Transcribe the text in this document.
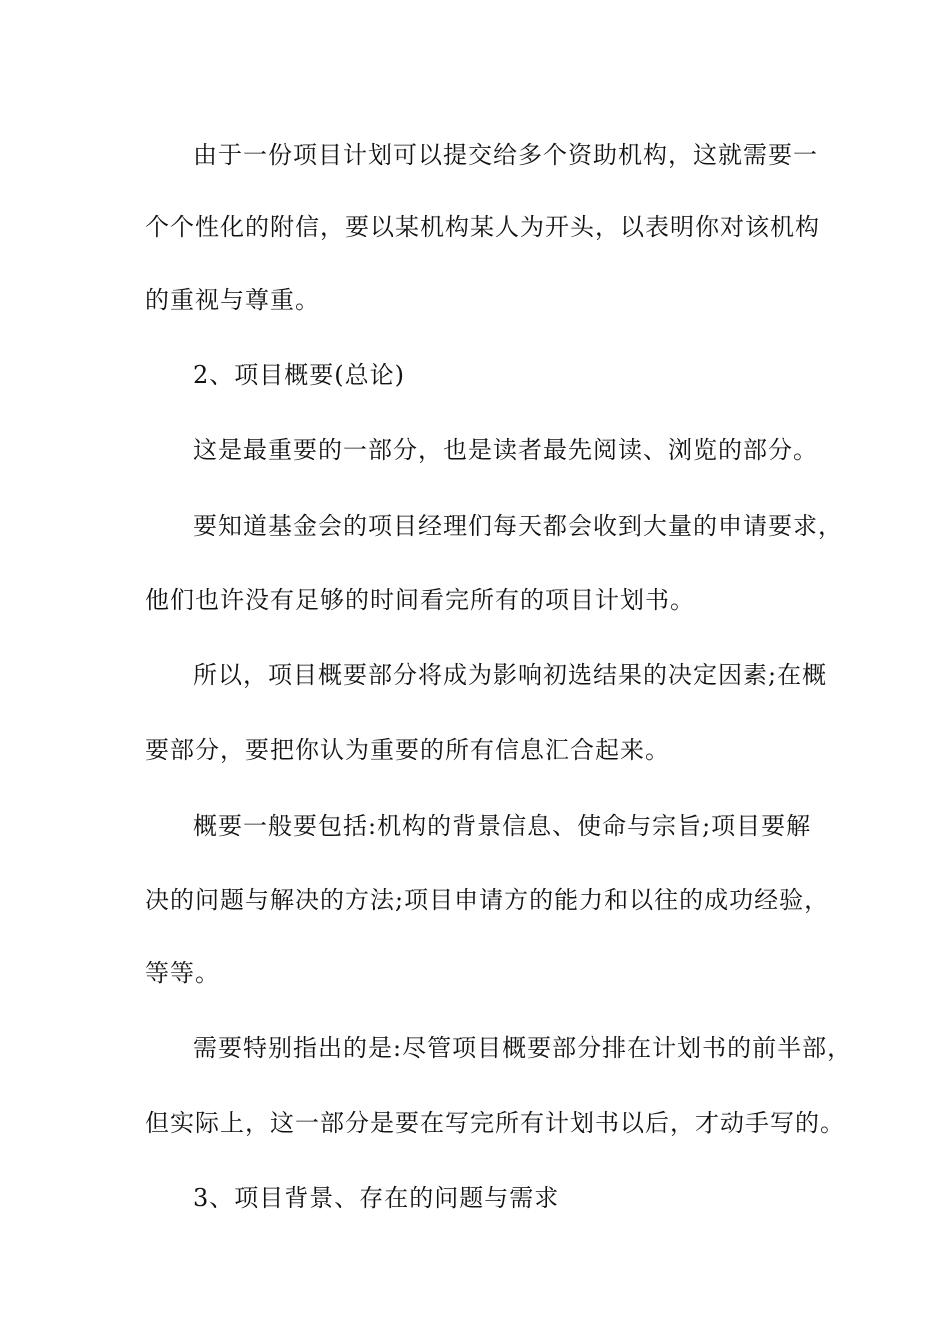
由于一份项目计划可以提交给多个资助机构，这就需要一
个个性化的附信，要以某机构某人为开头，以表明你对该机构
的重视与尊重。
2、项目概要(总论)
这是最重要的一部分，也是读者最先阅读、浏览的部分。
要知道基金会的项目经理们每天都会收到大量的申请要求，
他们也许没有足够的时间看完所有的项目计划书。
所以，项目概要部分将成为影响初选结果的决定因素;在概
要部分，要把你认为重要的所有信息汇合起来。
概要一般要包括:机构的背景信息、使命与宗旨;项目要解
决的问题与解决的方法;项目申请方的能力和以往的成功经验，
等等。
需要特别指出的是:尽管项目概要部分排在计划书的前半部，
但实际上，这一部分是要在写完所有计划书以后，才动手写的。
3、项目背景、存在的问题与需求
